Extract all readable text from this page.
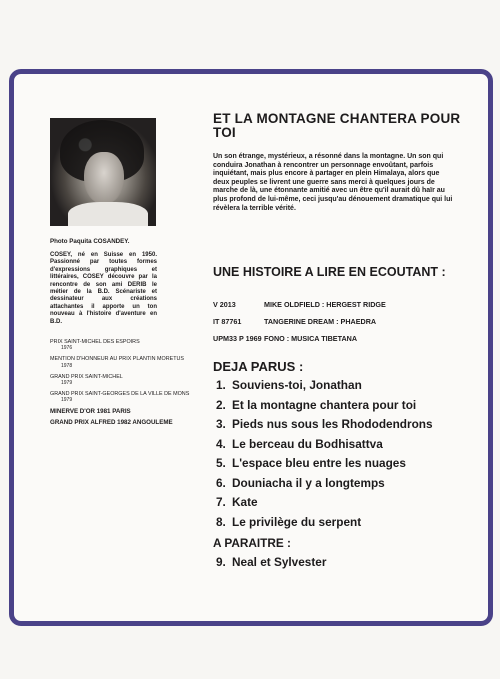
Photo Paquita COSANDEY.
COSEY, né en Suisse en 1950. Passionné par toutes formes d'expressions graphiques et littéraires, COSEY découvre par la rencontre de son ami DERIB le métier de la B.D. Scénariste et dessinateur aux créations attachantes il apporte un ton nouveau à l'histoire d'aventure en B.D.
PRIX SAINT-MICHEL DES ESPOIRS
1976
MENTION D'HONNEUR AU PRIX PLANTIN MORETUS
1978
GRAND PRIX SAINT-MICHEL
1979
GRAND PRIX SAINT-GEORGES DE LA VILLE DE MONS
1979
MINERVE D'OR 1981 PARIS
GRAND PRIX ALFRED 1982 ANGOULEME
ET LA MONTAGNE CHANTERA POUR TOI
Un son étrange, mystérieux, a résonné dans la montagne. Un son qui conduira Jonathan à rencontrer un personnage envoûtant, parfois inquiétant, mais plus encore à partager en plein Himalaya, alors que deux peuples se livrent une guerre sans merci à quelques jours de marche de là, une étonnante amitié avec un être qu'il aurait dû haïr au plus profond de lui-même, ceci jusqu'au dénouement dramatique qui lui révèlera la terrible vérité.
UNE HISTOIRE A LIRE EN ECOUTANT :
V 2013	MIKE OLDFIELD : HERGEST RIDGE
IT 87761	TANGERINE DREAM : PHAEDRA
UPM33 P 1969 FONO : MUSICA TIBETANA
DEJA PARUS :
1. Souviens-toi, Jonathan
2. Et la montagne chantera pour toi
3. Pieds nus sous les Rhododendrons
4. Le berceau du Bodhisattva
5. L'espace bleu entre les nuages
6. Douniacha il y a longtemps
7. Kate
8. Le privilège du serpent
A PARAITRE :
9. Neal et Sylvester
